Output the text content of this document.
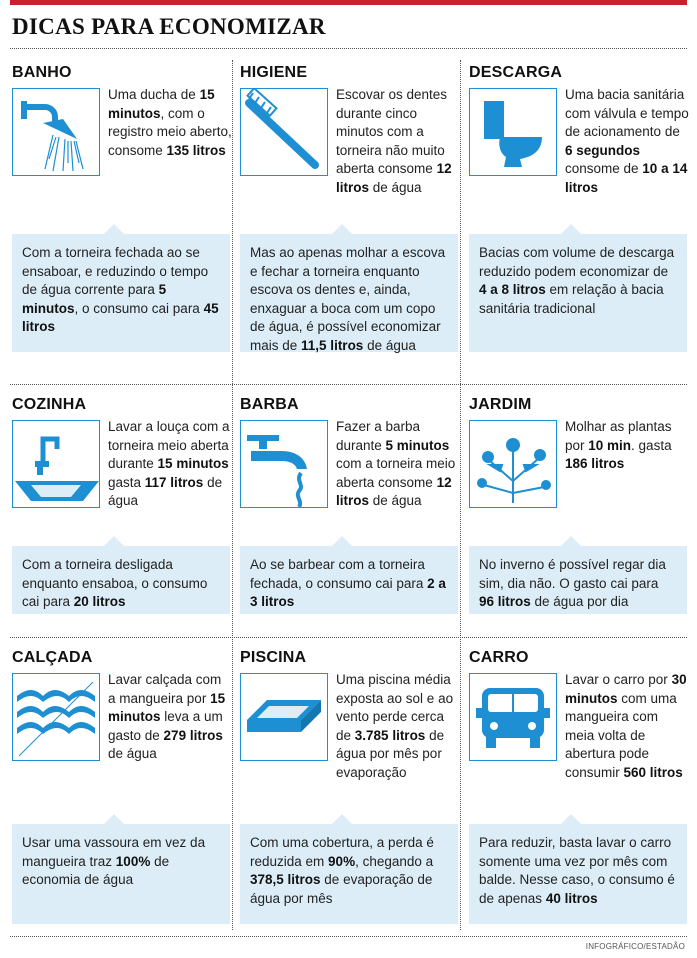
DICAS PARA ECONOMIZAR
BANHO
Uma ducha de 15 minutos, com o registro meio aberto, consome 135 litros
Com a torneira fechada ao se ensaboar, e reduzindo o tempo de água corrente para 5 minutos, o consumo cai para 45 litros
HIGIENE
Escovar os dentes durante cinco minutos com a torneira não muito aberta consome 12 litros de água
Mas ao apenas molhar a escova e fechar a torneira enquanto escova os dentes e, ainda, enxaguar a boca com um copo de água, é possível economizar mais de 11,5 litros de água
DESCARGA
Uma bacia sanitária com válvula e tempo de acionamento de 6 segundos consome de 10 a 14 litros
Bacias com volume de descarga reduzido podem economizar de 4 a 8 litros em relação à bacia sanitária tradicional
COZINHA
Lavar a louça com a torneira meio aberta durante 15 minutos gasta 117 litros de água
Com a torneira desligada enquanto ensaboa, o consumo cai para 20 litros
BARBA
Fazer a barba durante 5 minutos com a torneira meio aberta consome 12 litros de água
Ao se barbear com a torneira fechada, o consumo cai para 2 a 3 litros
JARDIM
Molhar as plantas por 10 min. gasta 186 litros
No inverno é possível regar dia sim, dia não. O gasto cai para 96 litros de água por dia
CALÇADA
Lavar calçada com a mangueira por 15 minutos leva a um gasto de 279 litros de água
Usar uma vassoura em vez da mangueira traz 100% de economia de água
PISCINA
Uma piscina média exposta ao sol e ao vento perde cerca de 3.785 litros de água por mês por evaporação
Com uma cobertura, a perda é reduzida em 90%, chegando a 378,5 litros de evaporação de água por mês
CARRO
Lavar o carro por 30 minutos com uma mangueira com meia volta de abertura pode consumir 560 litros
Para reduzir, basta lavar o carro somente uma vez por mês com balde. Nesse caso, o consumo é de apenas 40 litros
INFOGRÁFICO/ESTADÃO
